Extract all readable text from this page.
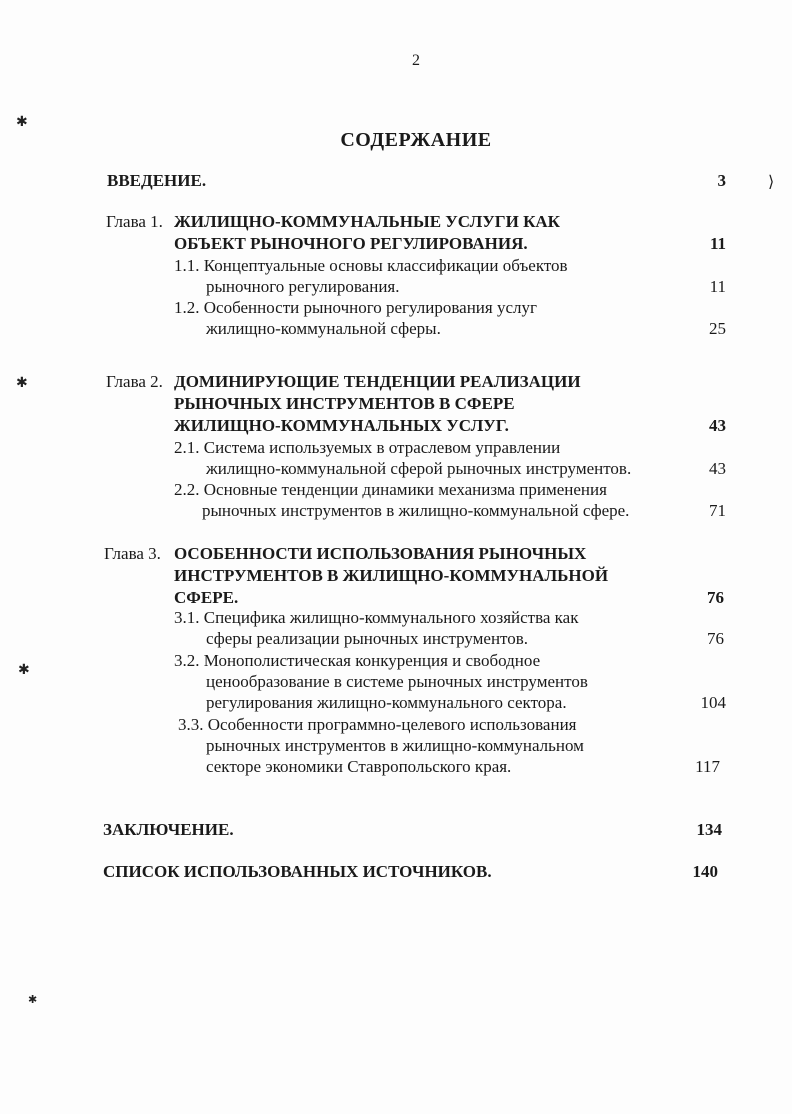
2
СОДЕРЖАНИЕ
ВВЕДЕНИЕ.	3
Глава 1. ЖИЛИЩНО-КОММУНАЛЬНЫЕ УСЛУГИ КАК
ОБЪЕКТ РЫНОЧНОГО РЕГУЛИРОВАНИЯ.	11
1.1. Концептуальные основы классификации объектов
рыночного регулирования.	11
1.2. Особенности рыночного регулирования услуг
жилищно-коммунальной сферы.	25
Глава 2. ДОМИНИРУЮЩИЕ ТЕНДЕНЦИИ РЕАЛИЗАЦИИ
РЫНОЧНЫХ ИНСТРУМЕНТОВ В СФЕРЕ
ЖИЛИЩНО-КОММУНАЛЬНЫХ УСЛУГ.	43
2.1. Система используемых в отраслевом управлении
жилищно-коммунальной сферой рыночных инструментов.	43
2.2. Основные тенденции динамики механизма применения
рыночных инструментов в жилищно-коммунальной сфере.	71
Глава 3. ОСОБЕННОСТИ ИСПОЛЬЗОВАНИЯ РЫНОЧНЫХ
ИНСТРУМЕНТОВ В ЖИЛИЩНО-КОММУНАЛЬНОЙ
СФЕРЕ.	76
3.1. Специфика жилищно-коммунального хозяйства как
сферы реализации рыночных инструментов.	76
3.2. Монополистическая конкуренция и свободное
ценообразование в системе рыночных инструментов
регулирования жилищно-коммунального сектора.	104
3.3. Особенности программно-целевого использования
рыночных инструментов в жилищно-коммунальном
секторе экономики Ставропольского края.	117
ЗАКЛЮЧЕНИЕ.	134
СПИСОК ИСПОЛЬЗОВАННЫХ ИСТОЧНИКОВ.	140
✱
✱
✱
✱
⟩
